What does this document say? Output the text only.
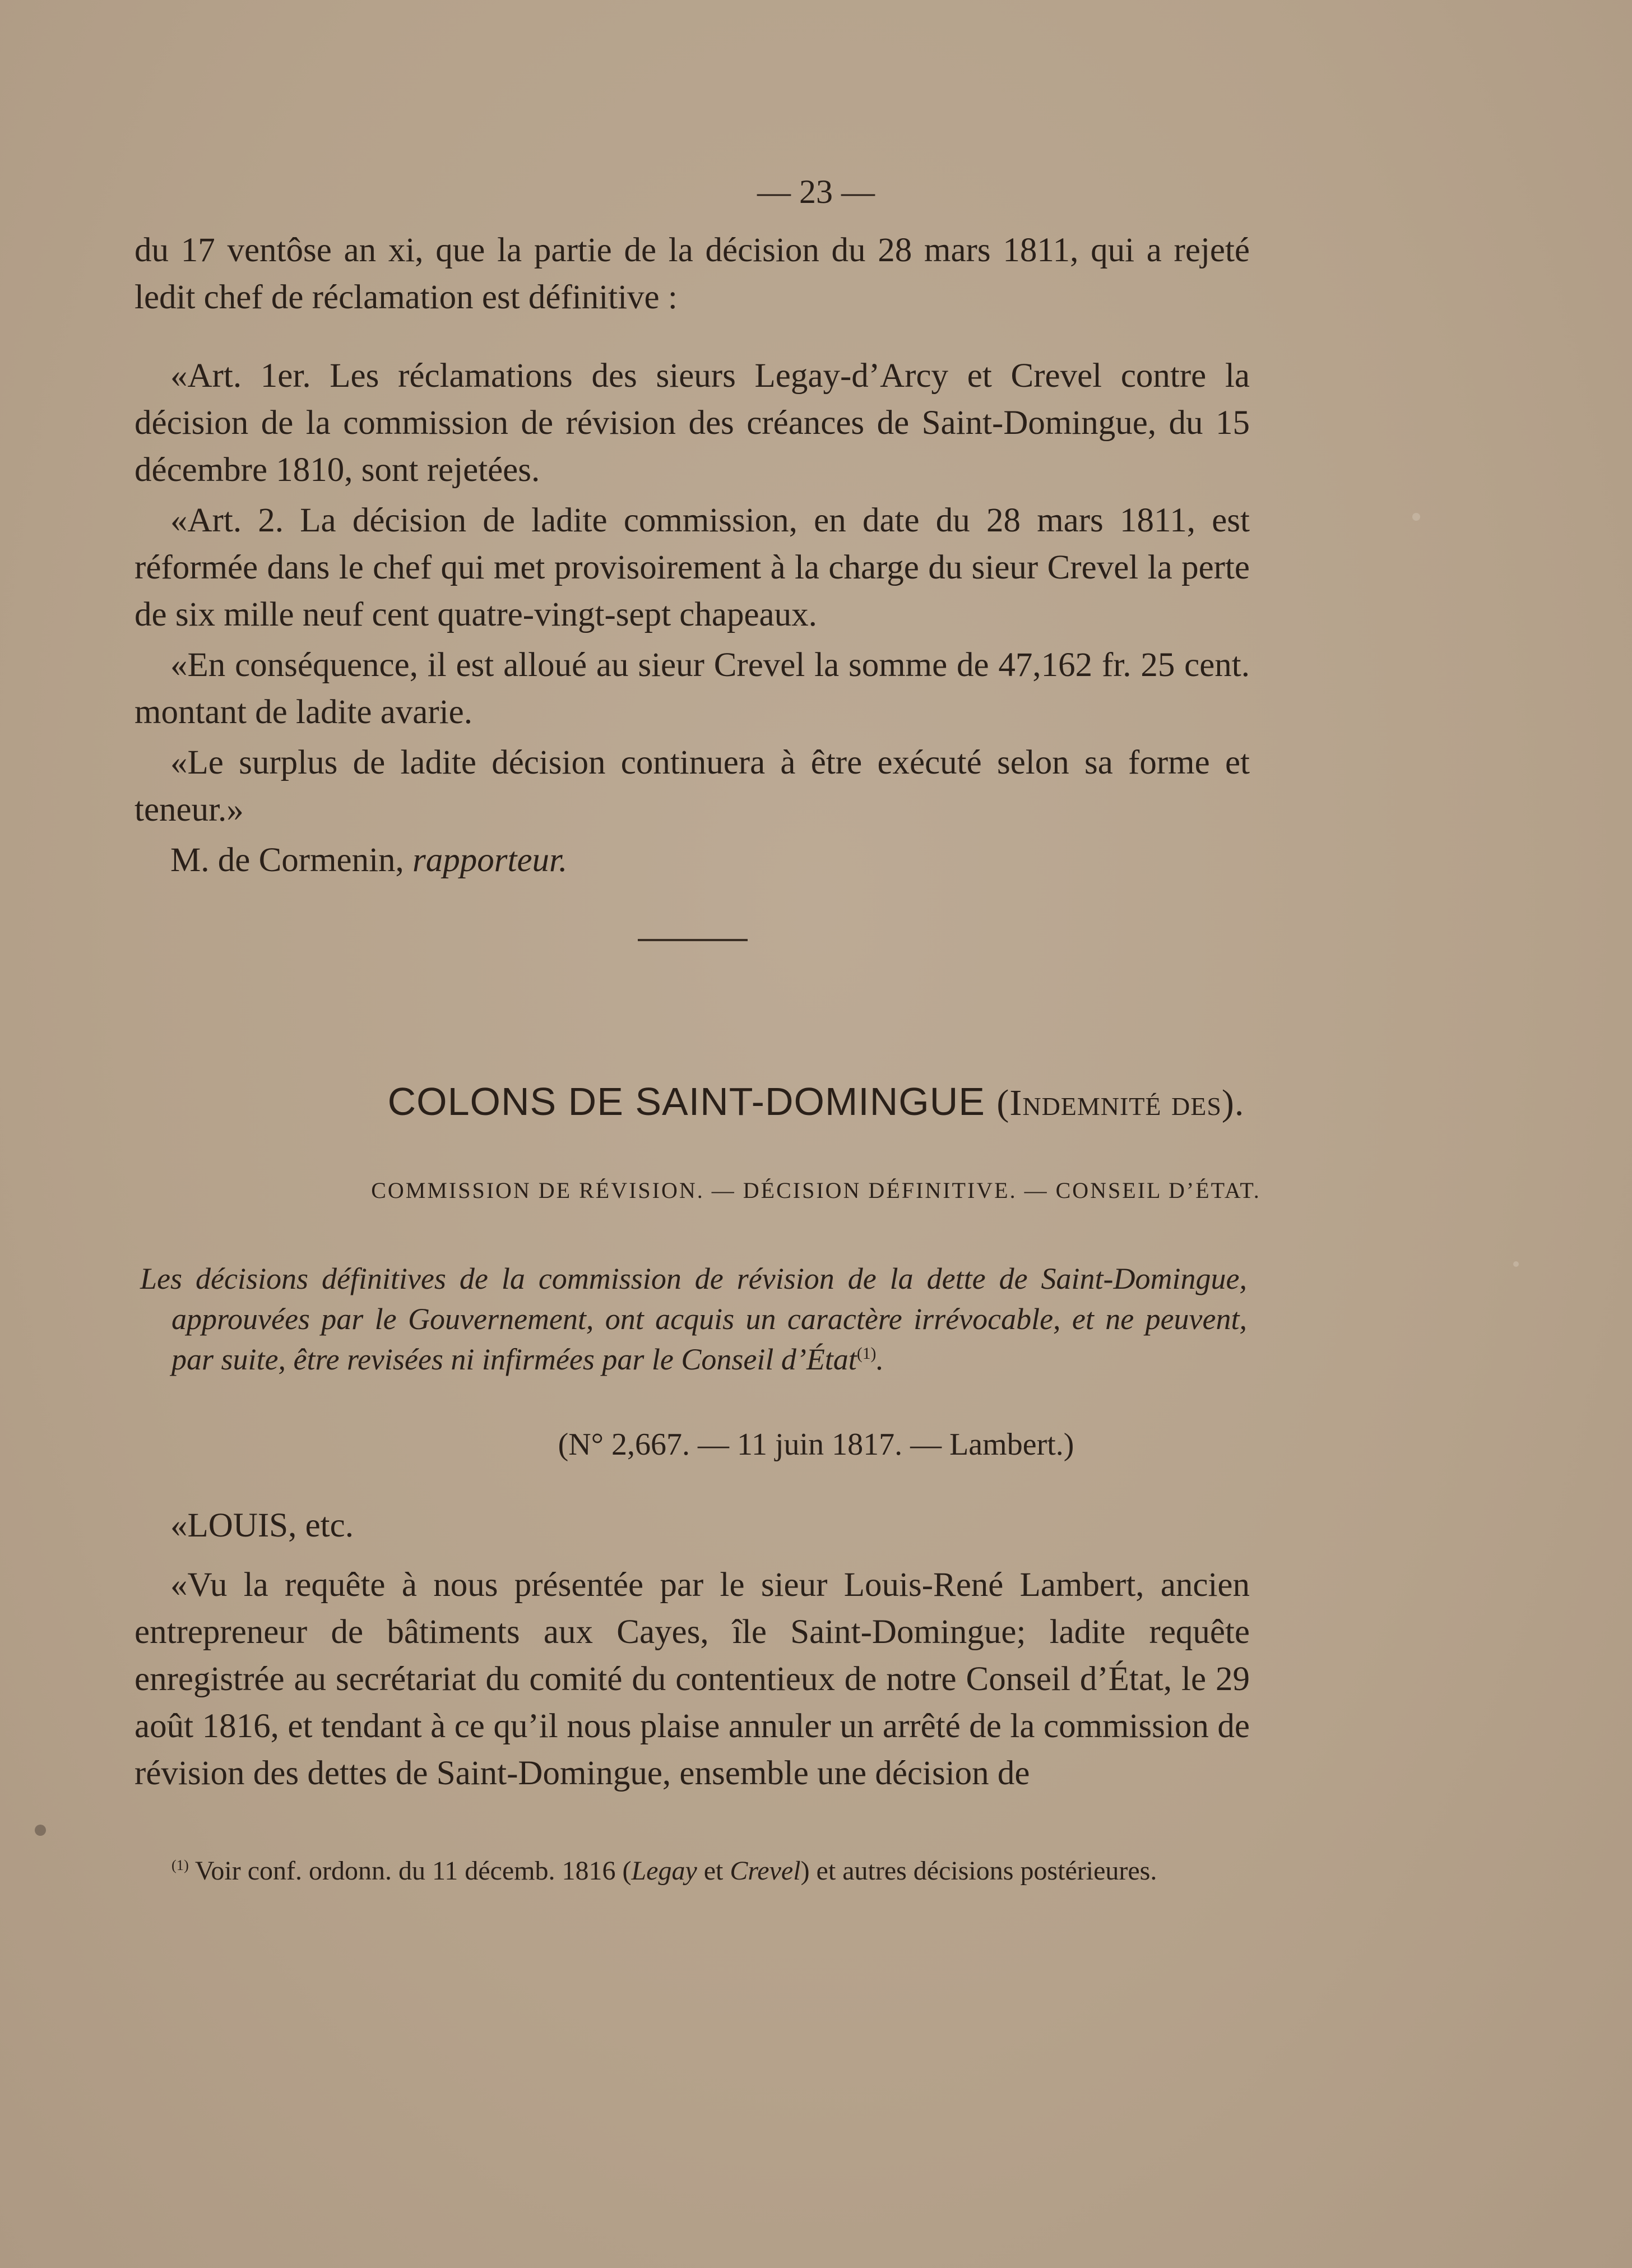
— 23 —

du 17 ventôse an xi, que la partie de la décision du 28 mars 1811, qui a rejeté ledit chef de réclamation est définitive :

«Art. 1er. Les réclamations des sieurs Legay-d’Arcy et Crevel contre la décision de la commission de révision des créances de Saint-Domingue, du 15 décembre 1810, sont rejetées.

«Art. 2. La décision de ladite commission, en date du 28 mars 1811, est réformée dans le chef qui met provisoirement à la charge du sieur Crevel la perte de six mille neuf cent quatre-vingt-sept chapeaux.

«En conséquence, il est alloué au sieur Crevel la somme de 47,162 fr. 25 cent. montant de ladite avarie.

«Le surplus de ladite décision continuera à être exécuté selon sa forme et teneur.»

M. de Cormenin, rapporteur.

COLONS DE SAINT-DOMINGUE (Indemnité des).
COMMISSION DE RÉVISION. — DÉCISION DÉFINITIVE. — CONSEIL D’ÉTAT.
Les décisions définitives de la commission de révision de la dette de Saint-Domingue, approuvées par le Gouvernement, ont acquis un caractère irrévocable, et ne peuvent, par suite, être revisées ni infirmées par le Conseil d’État$^{(1)}$.
(N° 2,667. — 11 juin 1817. — Lambert.)

«LOUIS, etc.

«Vu la requête à nous présentée par le sieur Louis-René Lambert, ancien entrepreneur de bâtiments aux Cayes, île Saint-Domingue; ladite requête enregistrée au secrétariat du comité du contentieux de notre Conseil d’État, le 29 août 1816, et tendant à ce qu’il nous plaise annuler un arrêté de la commission de révision des dettes de Saint-Domingue, ensemble une décision de

$^{(1)}$ Voir conf. ordonn. du 11 décemb. 1816 (Legay et Crevel) et autres décisions postérieures.
